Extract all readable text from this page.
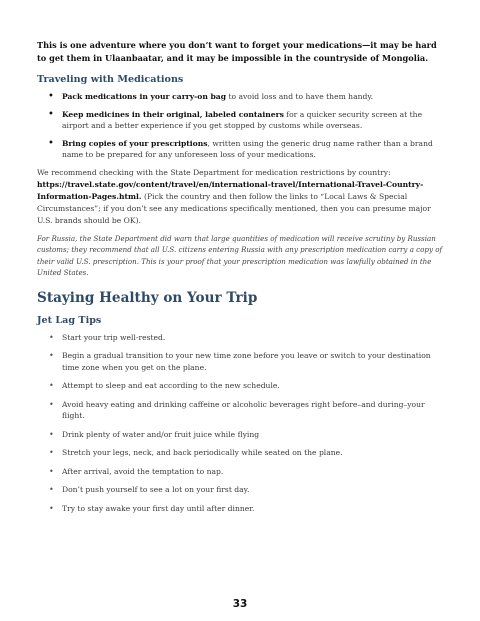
This is one adventure where you don’t want to forget your medications—it may be hard to get them in Ulaanbaatar, and it may be impossible in the countryside of Mongolia.

Traveling with Medications
• Pack medications in your carry-on bag to avoid loss and to have them handy.
• Keep medicines in their original, labeled containers for a quicker security screen at the airport and a better experience if you get stopped by customs while overseas.
• Bring copies of your prescriptions, written using the generic drug name rather than a brand name to be prepared for any unforeseen loss of your medications.

We recommend checking with the State Department for medication restrictions by country: https://travel.state.gov/content/travel/en/international-travel/International-Travel-Country-Information-Pages.html. (Pick the country and then follow the links to “Local Laws & Special Circumstances”; if you don’t see any medications specifically mentioned, then you can presume major U.S. brands should be OK).

For Russia, the State Department did warn that large quantities of medication will receive scrutiny by Russian customs; they recommend that all U.S. citizens entering Russia with any prescription medication carry a copy of their valid U.S. prescription. This is your proof that your prescription medication was lawfully obtained in the United States.

Staying Healthy on Your Trip
Jet Lag Tips
• Start your trip well-rested.
• Begin a gradual transition to your new time zone before you leave or switch to your destination time zone when you get on the plane.
• Attempt to sleep and eat according to the new schedule.
• Avoid heavy eating and drinking caffeine or alcoholic beverages right before–and during–your flight.
• Drink plenty of water and/or fruit juice while flying
• Stretch your legs, neck, and back periodically while seated on the plane.
• After arrival, avoid the temptation to nap.
• Don’t push yourself to see a lot on your first day.
• Try to stay awake your first day until after dinner.
33
